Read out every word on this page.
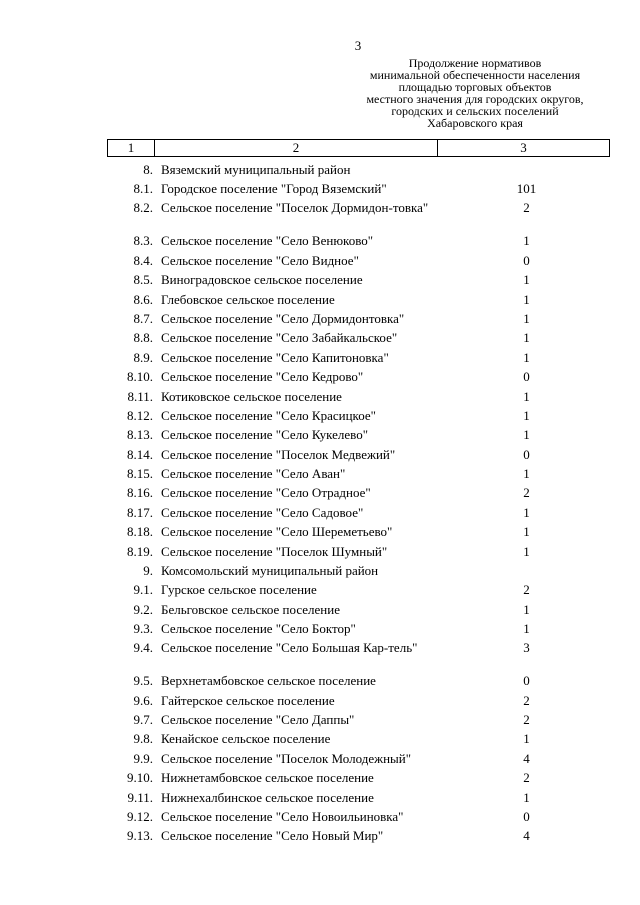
3
Продолжение нормативов
минимальной обеспеченности населения
площадью торговых объектов
местного значения для городских округов,
городских и сельских поселений
Хабаровского края
1	2	3
8. Вяземский муниципальный район
8.1. Городское поселение "Город Вяземский"	101
8.2. Сельское поселение "Поселок Дормидон-товка"	2
8.3. Сельское поселение "Село Венюково"	1
8.4. Сельское поселение "Село Видное"	0
8.5. Виноградовское сельское поселение	1
8.6. Глебовское сельское поселение	1
8.7. Сельское поселение "Село Дормидонтовка"	1
8.8. Сельское поселение "Село Забайкальское"	1
8.9. Сельское поселение "Село Капитоновка"	1
8.10. Сельское поселение "Село Кедрово"	0
8.11. Котиковское сельское поселение	1
8.12. Сельское поселение "Село Красицкое"	1
8.13. Сельское поселение "Село Кукелево"	1
8.14. Сельское поселение "Поселок Медвежий"	0
8.15. Сельское поселение "Село Аван"	1
8.16. Сельское поселение "Село Отрадное"	2
8.17. Сельское поселение "Село Садовое"	1
8.18. Сельское поселение "Село Шереметьево"	1
8.19. Сельское поселение "Поселок Шумный"	1
9. Комсомольский муниципальный район
9.1. Гурское сельское поселение	2
9.2. Бельговское сельское поселение	1
9.3. Сельское поселение "Село Боктор"	1
9.4. Сельское поселение "Село Большая Кар-тель"	3
9.5. Верхнетамбовское сельское поселение	0
9.6. Гайтерское сельское поселение	2
9.7. Сельское поселение "Село Даппы"	2
9.8. Кенайское сельское поселение	1
9.9. Сельское поселение "Поселок Молодежный"	4
9.10. Нижнетамбовское сельское поселение	2
9.11. Нижнехалбинское сельское поселение	1
9.12. Сельское поселение "Село Новоильиновка"	0
9.13. Сельское поселение "Село Новый Мир"	4
